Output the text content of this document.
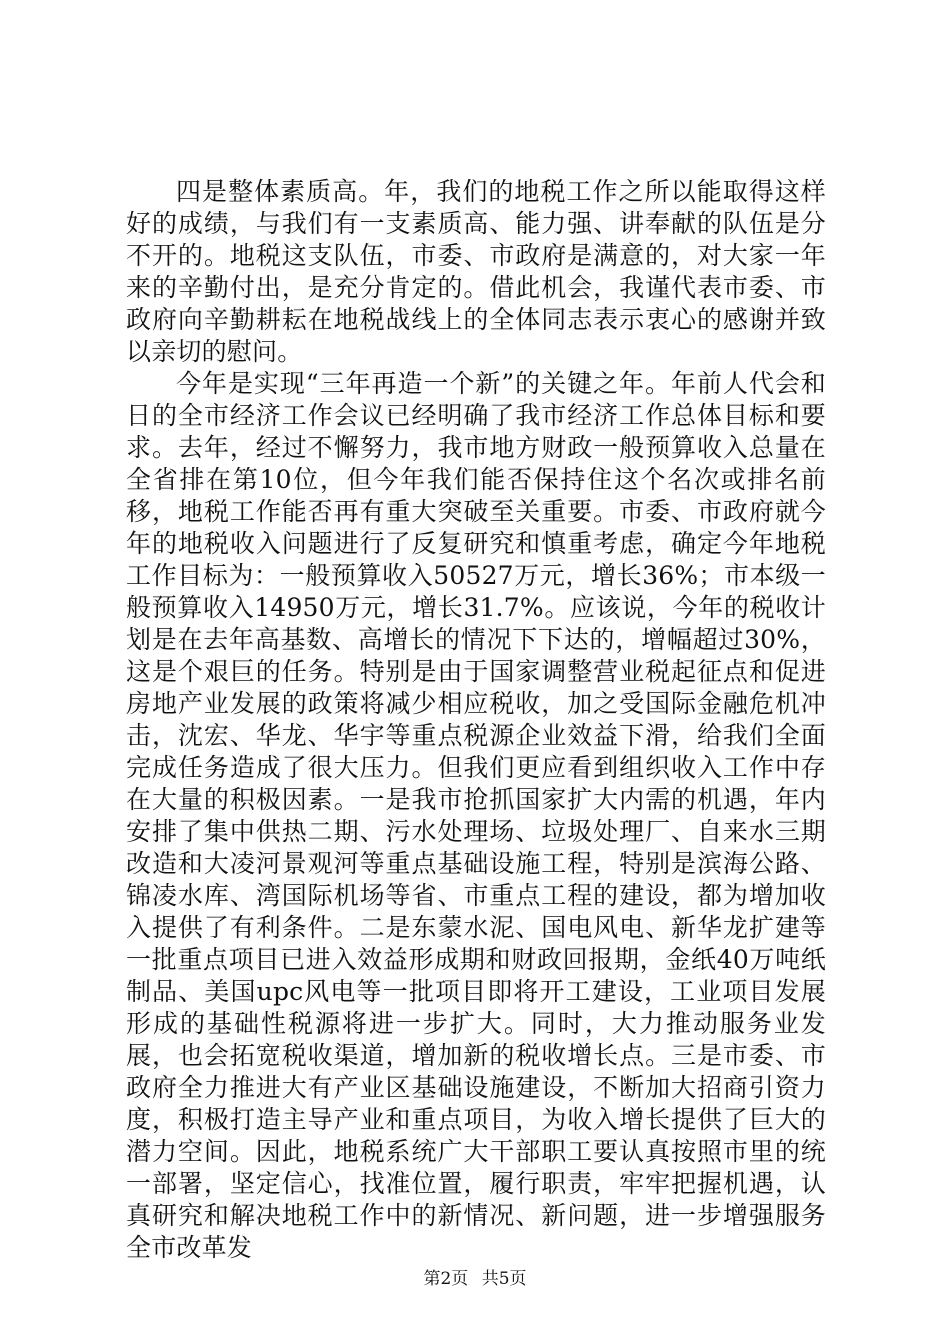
四是整体素质高。年，我们的地税工作之所以能取得这样好的成绩，与我们有一支素质高、能力强、讲奉献的队伍是分不开的。地税这支队伍，市委、市政府是满意的，对大家一年来的辛勤付出，是充分肯定的。借此机会，我谨代表市委、市政府向辛勤耕耘在地税战线上的全体同志表示衷心的感谢并致以亲切的慰问。

今年是实现“三年再造一个新”的关键之年。年前人代会和日的全市经济工作会议已经明确了我市经济工作总体目标和要求。去年，经过不懈努力，我市地方财政一般预算收入总量在全省排在第10位，但今年我们能否保持住这个名次或排名前移，地税工作能否再有重大突破至关重要。市委、市政府就今年的地税收入问题进行了反复研究和慎重考虑，确定今年地税工作目标为：一般预算收入50527万元，增长36%；市本级一般预算收入14950万元，增长31.7%。应该说，今年的税收计划是在去年高基数、高增长的情况下下达的，增幅超过30%，这是个艰巨的任务。特别是由于国家调整营业税起征点和促进房地产业发展的政策将减少相应税收，加之受国际金融危机冲击，沈宏、华龙、华宇等重点税源企业效益下滑，给我们全面完成任务造成了很大压力。但我们更应看到组织收入工作中存在大量的积极因素。一是我市抢抓国家扩大内需的机遇，年内安排了集中供热二期、污水处理场、垃圾处理厂、自来水三期改造和大凌河景观河等重点基础设施工程，特别是滨海公路、锦凌水库、湾国际机场等省、市重点工程的建设，都为增加收入提供了有利条件。二是东蒙水泥、国电风电、新华龙扩建等一批重点项目已进入效益形成期和财政回报期，金纸40万吨纸制品、美国upc风电等一批项目即将开工建设，工业项目发展形成的基础性税源将进一步扩大。同时，大力推动服务业发展，也会拓宽税收渠道，增加新的税收增长点。三是市委、市政府全力推进大有产业区基础设施建设，不断加大招商引资力度，积极打造主导产业和重点项目，为收入增长提供了巨大的潜力空间。因此，地税系统广大干部职工要认真按照市里的统一部署，坚定信心，找准位置，履行职责，牢牢把握机遇，认真研究和解决地税工作中的新情况、新问题，进一步增强服务全市改革发

第2页 共5页
